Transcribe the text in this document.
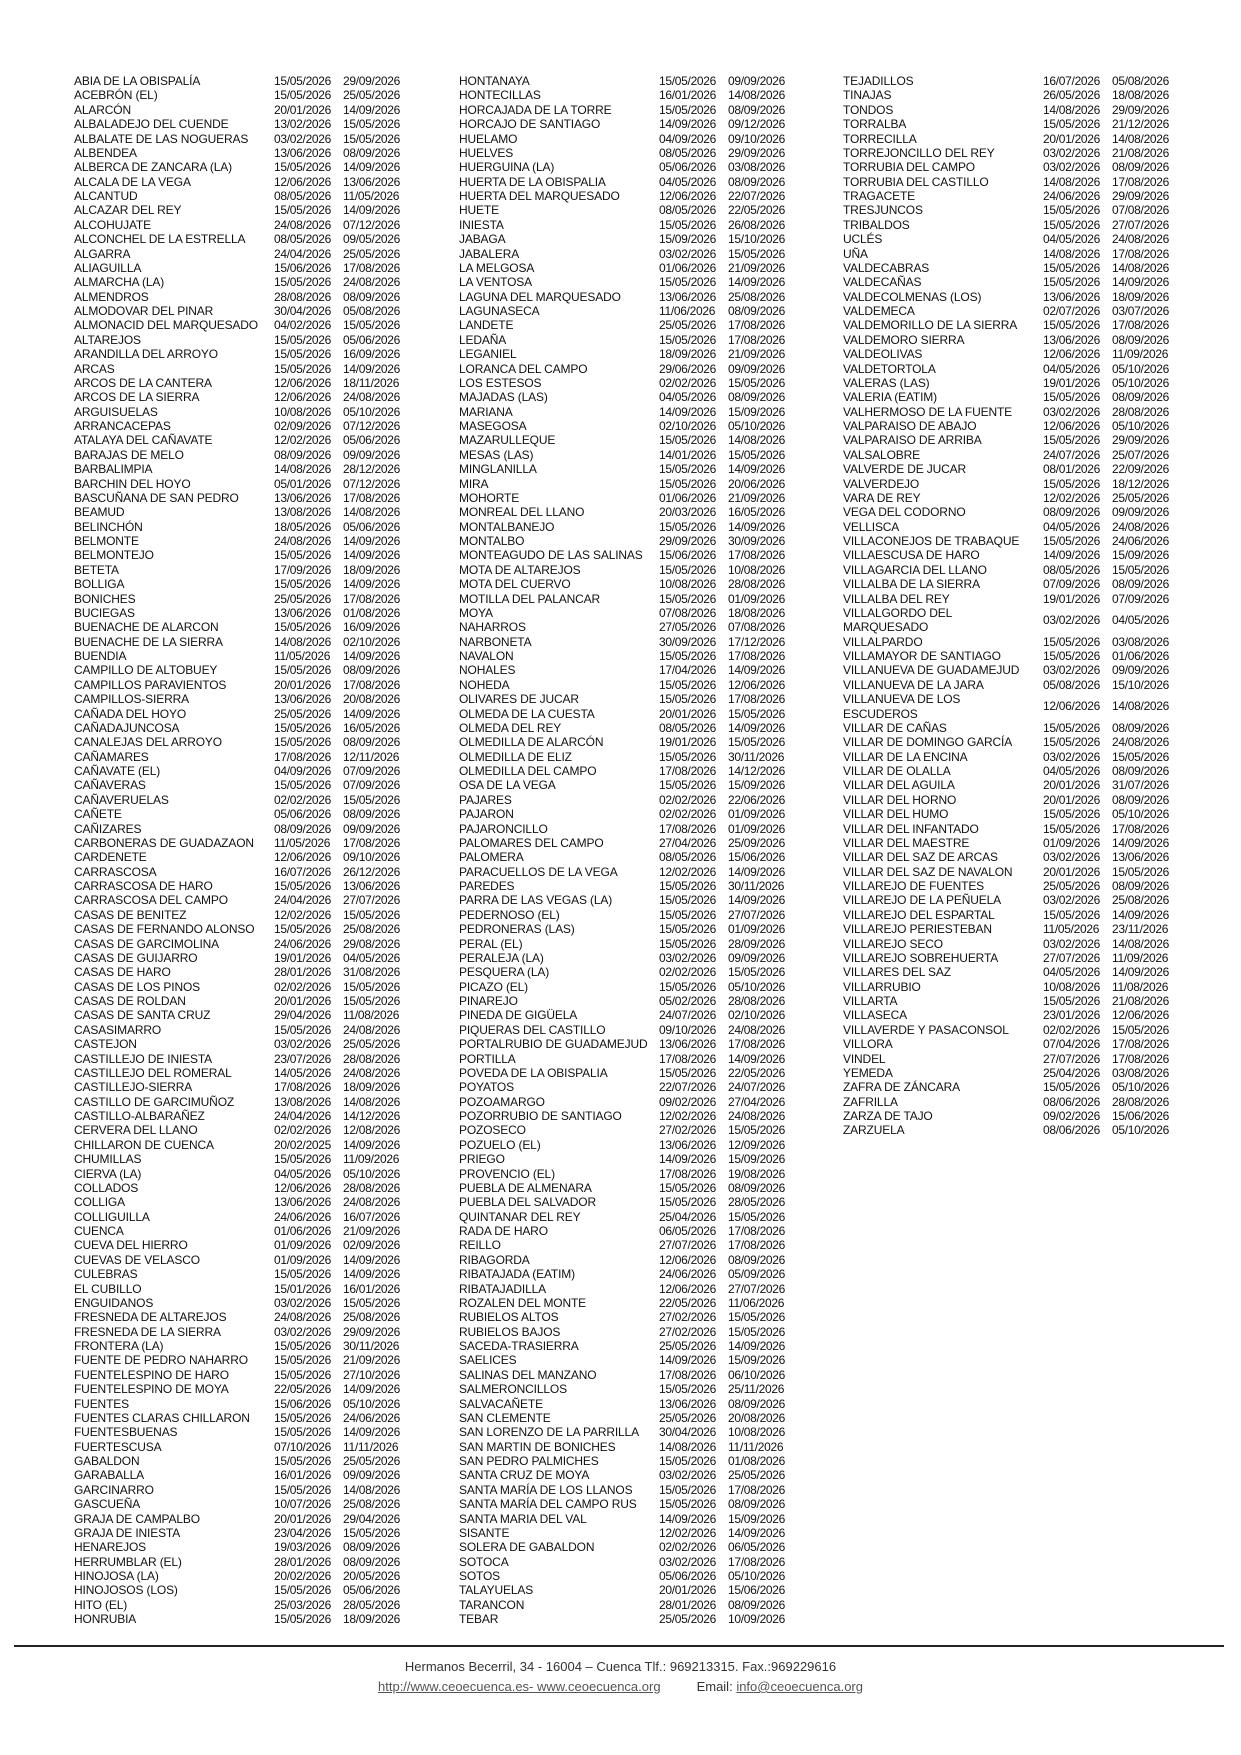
ABIA DE LA OBISPALÍA	15/05/2026 29/09/2026
ACEBRÓN (EL)	15/05/2026 25/05/2026
ALARCÓN	20/01/2026 14/09/2026
ALBALADEJO DEL CUENDE	13/02/2026 15/05/2026
ALBALATE DE LAS NOGUERAS 03/02/2026 15/05/2026
ALBENDEA	13/06/2026 08/09/2026
ALBERCA DE ZANCARA (LA)	15/05/2026 14/09/2026
ALCALA DE LA VEGA	12/06/2026 13/06/2026
ALCANTUD	08/05/2026 11/05/2026
ALCAZAR DEL REY	15/05/2026 14/09/2026
ALCOHUJATE	24/08/2026 07/12/2026
ALCONCHEL DE LA ESTRELLA 08/05/2026 09/05/2026
ALGARRA	24/04/2026 25/05/2026
ALIAGUILLA	15/06/2026 17/08/2026
ALMARCHA (LA)	15/05/2026 24/08/2026
ALMENDROS	28/08/2026 08/09/2026
ALMODOVAR DEL PINAR	30/04/2026 05/08/2026
ALMONACID DEL MARQUESADO 04/02/2026 15/05/2026
ALTAREJOS	15/05/2026 05/06/2026
ARANDILLA DEL ARROYO	15/05/2026 16/09/2026
ARCAS	15/05/2026 14/09/2026
ARCOS DE LA CANTERA	12/06/2026 18/11/2026
ARCOS DE LA SIERRA	12/06/2026 24/08/2026
ARGUISUELAS	10/08/2026 05/10/2026
ARRANCACEPAS	02/09/2026 07/12/2026
ATALAYA DEL CAÑAVATE	12/02/2026 05/06/2026
BARAJAS DE MELO	08/09/2026 09/09/2026
BARBALIMPIA	14/08/2026 28/12/2026
BARCHIN DEL HOYO	05/01/2026 07/12/2026
BASCUÑANA DE SAN PEDRO	13/06/2026 17/08/2026
BEAMUD	13/08/2026 14/08/2026
BELINCHÓN	18/05/2026 05/06/2026
BELMONTE	24/08/2026 14/09/2026
BELMONTEJO	15/05/2026 14/09/2026
BETETA	17/09/2026 18/09/2026
BOLLIGA	15/05/2026 14/09/2026
BONICHES	25/05/2026 17/08/2026
BUCIEGAS	13/06/2026 01/08/2026
BUENACHE DE ALARCON	15/05/2026 16/09/2026
BUENACHE DE LA SIERRA	14/08/2026 02/10/2026
BUENDIA	11/05/2026 14/09/2026
CAMPILLO DE ALTOBUEY	15/05/2026 08/09/2026
CAMPILLOS PARAVIENTOS	20/01/2026 17/08/2026
CAMPILLOS-SIERRA	13/06/2026 20/08/2026
CAÑADA DEL HOYO	25/05/2026 14/09/2026
CAÑADAJUNCOSA	15/05/2026 16/05/2026
CANALEJAS DEL ARROYO	15/05/2026 08/09/2026
CAÑAMARES	17/08/2026 12/11/2026
CAÑAVATE (EL)	04/09/2026 07/09/2026
CAÑAVERAS	15/05/2026 07/09/2026
CAÑAVERUELAS	02/02/2026 15/05/2026
CAÑETE	05/06/2026 08/09/2026
CAÑIZARES	08/09/2026 09/09/2026
CARBONERAS DE GUADAZAON 11/05/2026 17/08/2026
CARDENETE	12/06/2026 09/10/2026
CARRASCOSA	16/07/2026 26/12/2026
CARRASCOSA DE HARO	15/05/2026 13/06/2026
CARRASCOSA DEL CAMPO	24/04/2026 27/07/2026
CASAS DE BENITEZ	12/02/2026 15/05/2026
CASAS DE FERNANDO ALONSO 15/05/2026 25/08/2026
CASAS DE GARCIMOLINA	24/06/2026 29/08/2026
CASAS DE GUIJARRO	19/01/2026 04/05/2026
CASAS DE HARO	28/01/2026 31/08/2026
CASAS DE LOS PINOS	02/02/2026 15/05/2026
CASAS DE ROLDAN	20/01/2026 15/05/2026
CASAS DE SANTA CRUZ	29/04/2026 11/08/2026
CASASIMARRO	15/05/2026 24/08/2026
CASTEJON	03/02/2026 25/05/2026
CASTILLEJO DE INIESTA	23/07/2026 28/08/2026
CASTILLEJO DEL ROMERAL	14/05/2026 24/08/2026
CASTILLEJO-SIERRA	17/08/2026 18/09/2026
CASTILLO DE GARCIMUÑOZ	13/08/2026 14/08/2026
CASTILLO-ALBARAÑEZ	24/04/2026 14/12/2026
CERVERA DEL LLANO	02/02/2026 12/08/2026
CHILLARON DE CUENCA	20/02/2025 14/09/2026
CHUMILLAS	15/05/2026 11/09/2026
CIERVA (LA)	04/05/2026 05/10/2026
COLLADOS	12/06/2026 28/08/2026
COLLIGA	13/06/2026 24/08/2026
COLLIGUILLA	24/06/2026 16/07/2026
CUENCA	01/06/2026 21/09/2026
CUEVA DEL HIERRO	01/09/2026 02/09/2026
CUEVAS DE VELASCO	01/09/2026 14/09/2026
CULEBRAS	15/05/2026 14/09/2026
EL CUBILLO	15/01/2026 16/01/2026
ENGUIDANOS	03/02/2026 15/05/2026
FRESNEDA DE ALTAREJOS	24/08/2026 25/08/2026
FRESNEDA DE LA SIERRA	03/02/2026 29/09/2026
FRONTERA (LA)	15/05/2026 30/11/2026
FUENTE DE PEDRO NAHARRO 15/05/2026 21/09/2026
FUENTELESPINO DE HARO	15/05/2026 27/10/2026
FUENTELESPINO DE MOYA	22/05/2026 14/09/2026
FUENTES	15/06/2026 05/10/2026
FUENTES CLARAS CHILLARON 15/05/2026 24/06/2026
FUENTESBUENAS	15/05/2026 14/09/2026
FUERTESCUSA	07/10/2026 11/11/2026
GABALDON	15/05/2026 25/05/2026
GARABALLA	16/01/2026 09/09/2026
GARCINARRO	15/05/2026 14/08/2026
GASCUEÑA	10/07/2026 25/08/2026
GRAJA DE CAMPALBO	20/01/2026 29/04/2026
GRAJA DE INIESTA	23/04/2026 15/05/2026
HENAREJOS	19/03/2026 08/09/2026
HERRUMBLAR (EL)	28/01/2026 08/09/2026
HINOJOSA (LA)	20/02/2026 20/05/2026
HINOJOSOS (LOS)	15/05/2026 05/06/2026
HITO (EL)	25/03/2026 28/05/2026
HONRUBIA	15/05/2026 18/09/2026
HONTANAYA	15/05/2026 09/09/2026
HONTECILLAS	16/01/2026 14/08/2026
HORCAJADA DE LA TORRE	15/05/2026 08/09/2026
HORCAJO DE SANTIAGO	14/09/2026 09/12/2026
HUELAMO	04/09/2026 09/10/2026
HUELVES	08/05/2026 29/09/2026
HUERGUINA (LA)	05/06/2026 03/08/2026
HUERTA DE LA OBISPALIA	04/05/2026 08/09/2026
HUERTA DEL MARQUESADO	12/06/2026 22/07/2026
HUETE	08/05/2026 22/05/2026
INIESTA	15/05/2026 26/08/2026
JABAGA	15/09/2026 15/10/2026
JABALERA	03/02/2026 15/05/2026
LA MELGOSA	01/06/2026 21/09/2026
LA VENTOSA	15/05/2026 14/09/2026
LAGUNA DEL MARQUESADO	13/06/2026 25/08/2026
LAGUNASECA	11/06/2026 08/09/2026
LANDETE	25/05/2026 17/08/2026
LEDAÑA	15/05/2026 17/08/2026
LEGANIEL	18/09/2026 21/09/2026
LORANCA DEL CAMPO	29/06/2026 09/09/2026
LOS ESTESOS	02/02/2026 15/05/2026
MAJADAS (LAS)	04/05/2026 08/09/2026
MARIANA	14/09/2026 15/09/2026
MASEGOSA	02/10/2026 05/10/2026
MAZARULLEQUE	15/05/2026 14/08/2026
MESAS (LAS)	14/01/2026 15/05/2026
MINGLANILLA	15/05/2026 14/09/2026
MIRA	15/05/2026 20/06/2026
MOHORTE	01/06/2026 21/09/2026
MONREAL DEL LLANO	20/03/2026 16/05/2026
MONTALBANEJO	15/05/2026 14/09/2026
MONTALBO	29/09/2026 30/09/2026
MONTEAGUDO DE LAS SALINAS 15/06/2026 17/08/2026
MOTA DE ALTAREJOS	15/05/2026 10/08/2026
MOTA DEL CUERVO	10/08/2026 28/08/2026
MOTILLA DEL PALANCAR	15/05/2026 01/09/2026
MOYA	07/08/2026 18/08/2026
NAHARROS	27/05/2026 07/08/2026
NARBONETA	30/09/2026 17/12/2026
NAVALON	15/05/2026 17/08/2026
NOHALES	17/04/2026 14/09/2026
NOHEDA	15/05/2026 12/06/2026
OLIVARES DE JUCAR	15/05/2026 17/08/2026
OLMEDA DE LA CUESTA	20/01/2026 15/05/2026
OLMEDA DEL REY	08/05/2026 14/09/2026
OLMEDILLA DE ALARCÓN	19/01/2026 15/05/2026
OLMEDILLA DE ELIZ	15/05/2026 30/11/2026
OLMEDILLA DEL CAMPO	17/08/2026 14/12/2026
OSA DE LA VEGA	15/05/2026 15/09/2026
PAJARES	02/02/2026 22/06/2026
PAJARON	02/02/2026 01/09/2026
PAJARONCILLO	17/08/2026 01/09/2026
PALOMARES DEL CAMPO	27/04/2026 25/09/2026
PALOMERA	08/05/2026 15/06/2026
PARACUELLOS DE LA VEGA	12/02/2026 14/09/2026
PAREDES	15/05/2026 30/11/2026
PARRA DE LAS VEGAS (LA)	15/05/2026 14/09/2026
PEDERNOSO (EL)	15/05/2026 27/07/2026
PEDRONERAS (LAS)	15/05/2026 01/09/2026
PERAL (EL)	15/05/2026 28/09/2026
PERALEJA (LA)	03/02/2026 09/09/2026
PESQUERA (LA)	02/02/2026 15/05/2026
PICAZO (EL)	15/05/2026 05/10/2026
PINAREJO	05/02/2026 28/08/2026
PINEDA DE GIGÜELA	24/07/2026 02/10/2026
PIQUERAS DEL CASTILLO	09/10/2026 24/08/2026
PORTALRUBIO DE GUADAMEJUD 13/06/2026 17/08/2026
PORTILLA	17/08/2026 14/09/2026
POVEDA DE LA OBISPALIA	15/05/2026 22/05/2026
POYATOS	22/07/2026 24/07/2026
POZOAMARGO	09/02/2026 27/04/2026
POZORRUBIO DE SANTIAGO	12/02/2026 24/08/2026
POZOSECO	27/02/2026 15/05/2026
POZUELO (EL)	13/06/2026 12/09/2026
PRIEGO	14/09/2026 15/09/2026
PROVENCIO (EL)	17/08/2026 19/08/2026
PUEBLA DE ALMENARA	15/05/2026 08/09/2026
PUEBLA DEL SALVADOR	15/05/2026 28/05/2026
QUINTANAR DEL REY	25/04/2026 15/05/2026
RADA DE HARO	06/05/2026 17/08/2026
REILLO	27/07/2026 17/08/2026
RIBAGORDA	12/06/2026 08/09/2026
RIBATAJADA (EATIM)	24/06/2026 05/09/2026
RIBATAJADILLA	12/06/2026 27/07/2026
ROZALEN DEL MONTE	22/05/2026 11/06/2026
RUBIELOS ALTOS	27/02/2026 15/05/2026
RUBIELOS BAJOS	27/02/2026 15/05/2026
SACEDA-TRASIERRA	25/05/2026 14/09/2026
SAELICES	14/09/2026 15/09/2026
SALINAS DEL MANZANO	17/08/2026 06/10/2026
SALMERONCILLOS	15/05/2026 25/11/2026
SALVACAÑETE	13/06/2026 08/09/2026
SAN CLEMENTE	25/05/2026 20/08/2026
SAN LORENZO DE LA PARRILLA 30/04/2026 10/08/2026
SAN MARTIN DE BONICHES	14/08/2026 11/11/2026
SAN PEDRO PALMICHES	15/05/2026 01/08/2026
SANTA CRUZ DE MOYA	03/02/2026 25/05/2026
SANTA MARÍA DE LOS LLANOS 15/05/2026 17/08/2026
SANTA MARÍA DEL CAMPO RUS 15/05/2026 08/09/2026
SANTA MARIA DEL VAL	14/09/2026 15/09/2026
SISANTE	12/02/2026 14/09/2026
SOLERA DE GABALDON	02/02/2026 06/05/2026
SOTOCA	03/02/2026 17/08/2026
SOTOS	05/06/2026 05/10/2026
TALAYUELAS	20/01/2026 15/06/2026
TARANCON	28/01/2026 08/09/2026
TEBAR	25/05/2026 10/09/2026
TEJADILLOS	16/07/2026 05/08/2026
TINAJAS	26/05/2026 18/08/2026
TONDOS	14/08/2026 29/09/2026
TORRALBA	15/05/2026 21/12/2026
TORRECILLA	20/01/2026 14/08/2026
TORREJONCILLO DEL REY	03/02/2026 21/08/2026
TORRUBIA DEL CAMPO	03/02/2026 08/09/2026
TORRUBIA DEL CASTILLO	14/08/2026 17/08/2026
TRAGACETE	24/06/2026 29/09/2026
TRESJUNCOS	15/05/2026 07/08/2026
TRIBALDOS	15/05/2026 27/07/2026
UCLÉS	04/05/2026 24/08/2026
UÑA	14/08/2026 17/08/2026
VALDECABRAS	15/05/2026 14/08/2026
VALDECAÑAS	15/05/2026 14/09/2026
VALDECOLMENAS (LOS)	13/06/2026 18/09/2026
VALDEMECA	02/07/2026 03/07/2026
VALDEMORILLO DE LA SIERRA 15/05/2026 17/08/2026
VALDEMORO SIERRA	13/06/2026 08/09/2026
VALDEOLIVAS	12/06/2026 11/09/2026
VALDETORTOLA	04/05/2026 05/10/2026
VALERAS (LAS)	19/01/2026 05/10/2026
VALERIA (EATIM)	15/05/2026 08/09/2026
VALHERMOSO DE LA FUENTE	03/02/2026 28/08/2026
VALPARAISO DE ABAJO	12/06/2026 05/10/2026
VALPARAISO DE ARRIBA	15/05/2026 29/09/2026
VALSALOBRE	24/07/2026 25/07/2026
VALVERDE DE JUCAR	08/01/2026 22/09/2026
VALVERDEJO	15/05/2026 18/12/2026
VARA DE REY	12/02/2026 25/05/2026
VEGA DEL CODORNO	08/09/2026 09/09/2026
VELLISCA	04/05/2026 24/08/2026
VILLACONEJOS DE TRABAQUE 15/05/2026 24/06/2026
VILLAESCUSA DE HARO	14/09/2026 15/09/2026
VILLAGARCIA DEL LLANO	08/05/2026 15/05/2026
VILLALBA DE LA SIERRA	07/09/2026 08/09/2026
VILLALBA DEL REY	19/01/2026 07/09/2026
VILLALGORDO DEL MARQUESADO
03/02/2026 04/05/2026
VILLALPARDO	15/05/2026 03/08/2026
VILLAMAYOR DE SANTIAGO	15/05/2026 01/06/2026
VILLANUEVA DE GUADAMEJUD 03/02/2026 09/09/2026
VILLANUEVA DE LA JARA	05/08/2026 15/10/2026
VILLANUEVA DE LOS ESCUDEROS
12/06/2026 14/08/2026
VILLAR DE CAÑAS	15/05/2026 08/09/2026
VILLAR DE DOMINGO GARCÍA	15/05/2026 24/08/2026
VILLAR DE LA ENCINA	03/02/2026 15/05/2026
VILLAR DE OLALLA	04/05/2026 08/09/2026
VILLAR DEL AGUILA	20/01/2026 31/07/2026
VILLAR DEL HORNO	20/01/2026 08/09/2026
VILLAR DEL HUMO	15/05/2026 05/10/2026
VILLAR DEL INFANTADO	15/05/2026 17/08/2026
VILLAR DEL MAESTRE	01/09/2026 14/09/2026
VILLAR DEL SAZ DE ARCAS	03/02/2026 13/06/2026
VILLAR DEL SAZ DE NAVALON	20/01/2026 15/05/2026
VILLAREJO DE FUENTES	25/05/2026 08/09/2026
VILLAREJO DE LA PEÑUELA	03/02/2026 25/08/2026
VILLAREJO DEL ESPARTAL	15/05/2026 14/09/2026
VILLAREJO PERIESTEBAN	11/05/2026 23/11/2026
VILLAREJO SECO	03/02/2026 14/08/2026
VILLAREJO SOBREHUERTA	27/07/2026 11/09/2026
VILLARES DEL SAZ	04/05/2026 14/09/2026
VILLARRUBIO	10/08/2026 11/08/2026
VILLARTA	15/05/2026 21/08/2026
VILLASECA	23/01/2026 12/06/2026
VILLAVERDE Y PASACONSOL	02/02/2026 15/05/2026
VILLORA	07/04/2026 17/08/2026
VINDEL	27/07/2026 17/08/2026
YEMEDA	25/04/2026 03/08/2026
ZAFRA DE ZÁNCARA	15/05/2026 05/10/2026
ZAFRILLA	08/06/2026 28/08/2026
ZARZA DE TAJO	09/02/2026 15/06/2026
ZARZUELA	08/06/2026 05/10/2026
Hermanos Becerril, 34 - 16004 – Cuenca Tlf.: 969213315. Fax.:969229616
http://www.ceoecuenca.es- www.ceoecuenca.org	Email: info@ceoecuenca.org
